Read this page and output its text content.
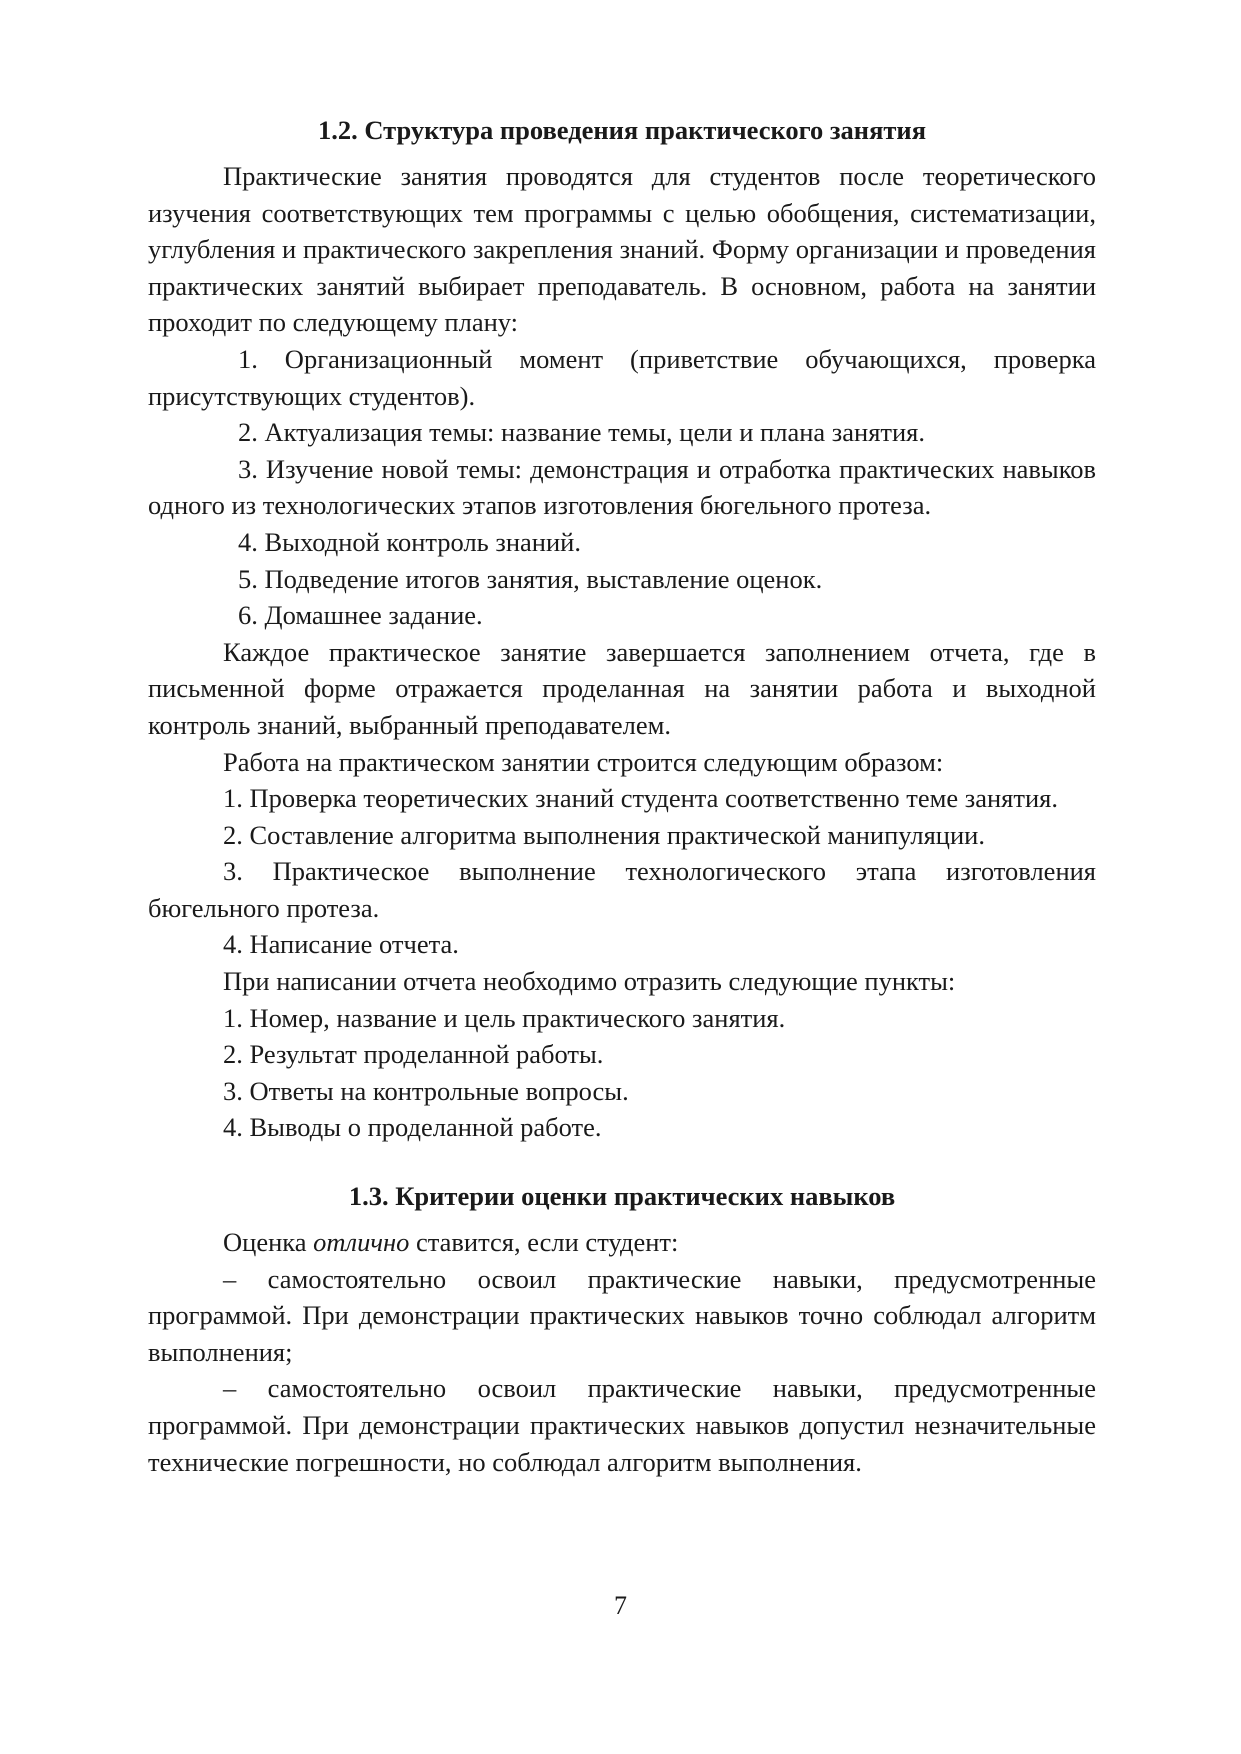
1.2. Структура проведения практического занятия

Практические занятия проводятся для студентов после теоретического изучения соответствующих тем программы с целью обобщения, систематизации, углубления и практического закрепления знаний. Форму организации и проведения практических занятий выбирает преподаватель. В основном, работа на занятии проходит по следующему плану:

1. Организационный момент (приветствие обучающихся, проверка присутствующих студентов).

2. Актуализация темы: название темы, цели и плана занятия.

3. Изучение новой темы: демонстрация и отработка практических навыков одного из технологических этапов изготовления бюгельного протеза.

4. Выходной контроль знаний.

5. Подведение итогов занятия, выставление оценок.

6. Домашнее задание.

Каждое практическое занятие завершается заполнением отчета, где в письменной форме отражается проделанная на занятии работа и выходной контроль знаний, выбранный преподавателем.

Работа на практическом занятии строится следующим образом:

1. Проверка теоретических знаний студента соответственно теме занятия.

2. Составление алгоритма выполнения практической манипуляции.

3. Практическое выполнение технологического этапа изготовления бюгельного протеза.

4. Написание отчета.

При написании отчета необходимо отразить следующие пункты:

1. Номер, название и цель практического занятия.

2. Результат проделанной работы.

3. Ответы на контрольные вопросы.

4. Выводы о проделанной работе.

1.3. Критерии оценки практических навыков

Оценка отлично ставится, если студент:

– самостоятельно освоил практические навыки, предусмотренные программой. При демонстрации практических навыков точно соблюдал алгоритм выполнения;

– самостоятельно освоил практические навыки, предусмотренные программой. При демонстрации практических навыков допустил незначительные технические погрешности, но соблюдал алгоритм выполнения.

7
